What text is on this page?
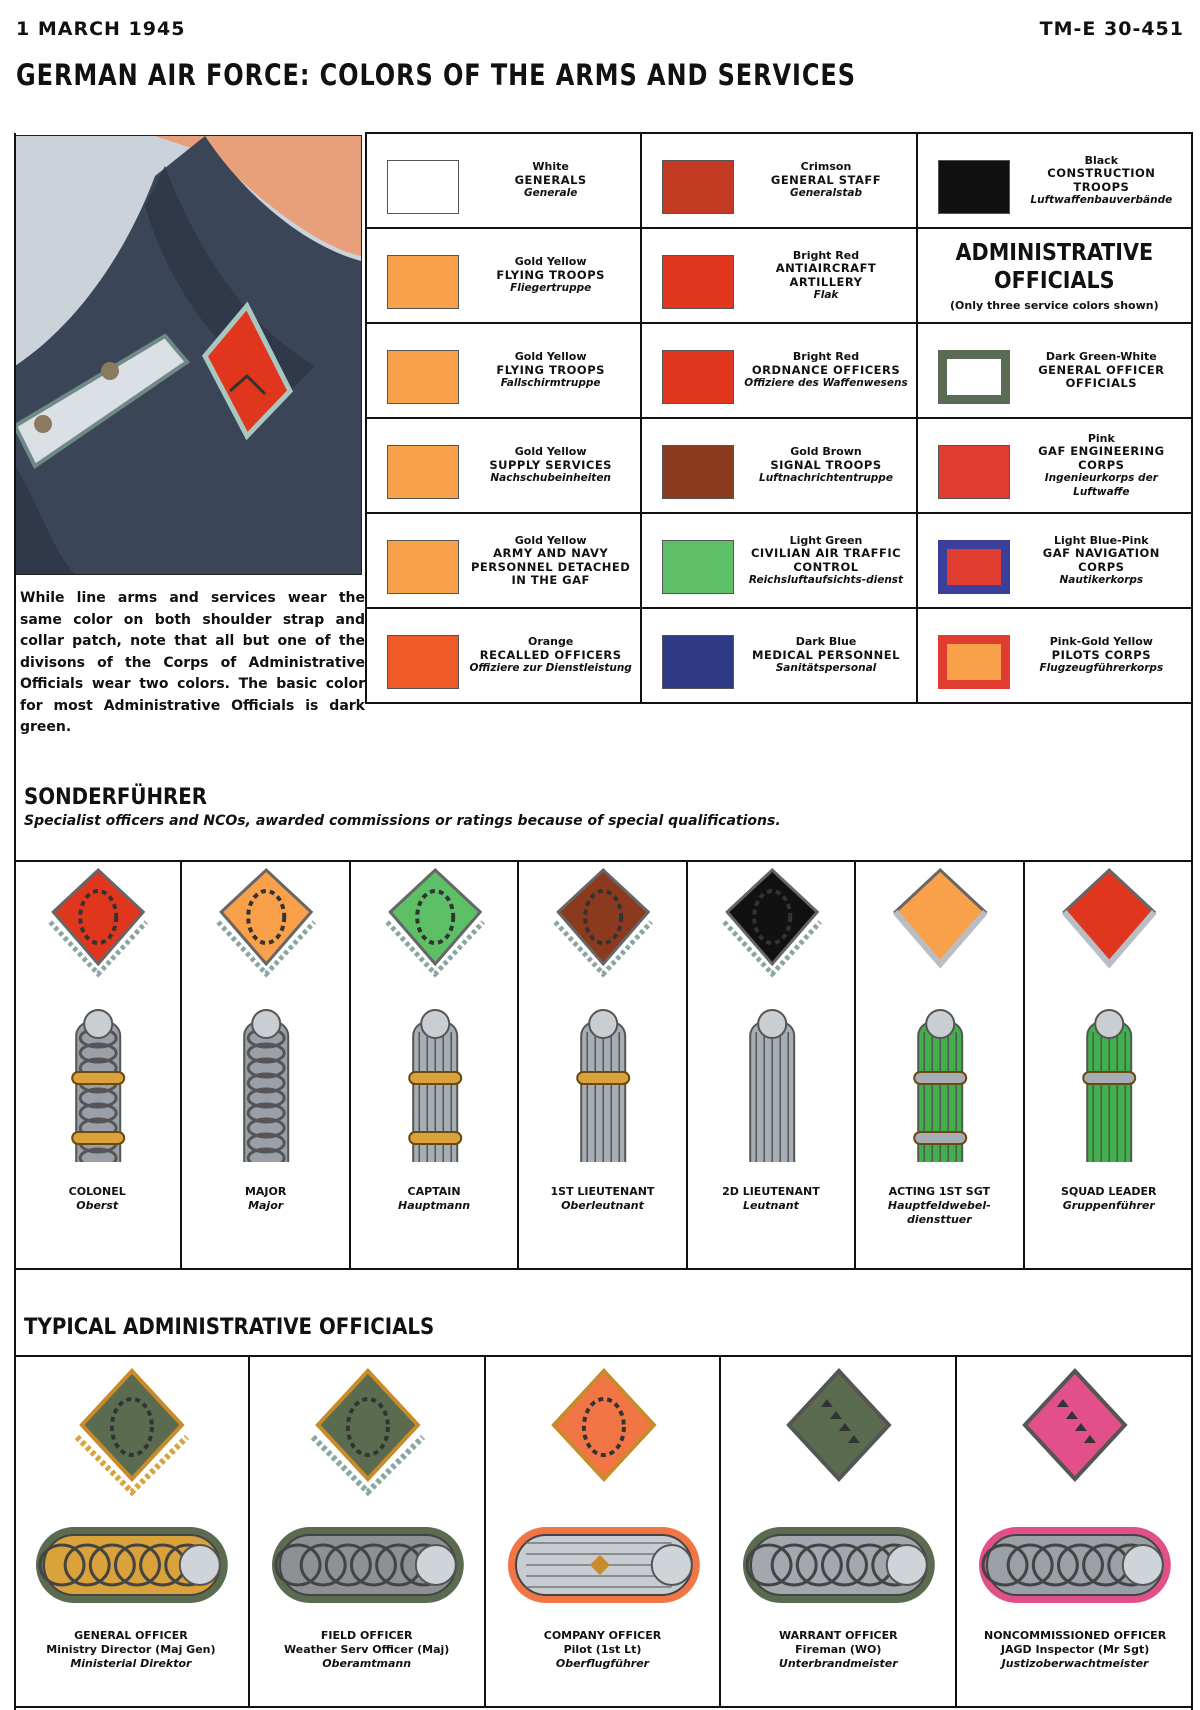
1 MARCH 1945	TM-E 30-451
GERMAN AIR FORCE: COLORS OF THE ARMS AND SERVICES
While line arms and services wear the same color on both shoulder strap and collar patch, note that all but one of the divisons of the Corps of Administrative Officials wear two colors. The basic color for most Administrative Officials is dark green.
White
GENERALS
Generale
Crimson
GENERAL STAFF
Generalstab
Black
CONSTRUCTION TROOPS
Luftwaffenbauverbände
Gold Yellow
FLYING TROOPS
Fliegertruppe
Bright Red
ANTIAIRCRAFT ARTILLERY
Flak
ADMINISTRATIVE OFFICIALS
(Only three service colors shown)
Gold Yellow
FLYING TROOPS
Fallschirmtruppe
Bright Red
ORDNANCE OFFICERS
Offiziere des Waffenwesens
Dark Green-White
GENERAL OFFICER OFFICIALS
Gold Yellow
SUPPLY SERVICES
Nachschubeinheiten
Gold Brown
SIGNAL TROOPS
Luftnachrichtentruppe
Pink
GAF ENGINEERING CORPS
Ingenieurkorps der Luftwaffe
Gold Yellow
ARMY AND NAVY PERSONNEL DETACHED IN THE GAF
Light Green
CIVILIAN AIR TRAFFIC CONTROL
Reichsluftaufsichts-dienst
Light Blue-Pink
GAF NAVIGATION CORPS
Nautikerkorps
Orange
RECALLED OFFICERS
Offiziere zur Dienstleistung
Dark Blue
MEDICAL PERSONNEL
Sanitätspersonal
Pink-Gold Yellow
PILOTS CORPS
Flugzeugführerkorps
SONDERFÜHRER
Specialist officers and NCOs, awarded commissions or ratings because of special qualifications.
COLONEL
Oberst
MAJOR
Major
CAPTAIN
Hauptmann
1ST LIEUTENANT
Oberleutnant
2D LIEUTENANT
Leutnant
ACTING 1ST SGT
Hauptfeldwebel-diensttuer
SQUAD LEADER
Gruppenführer
TYPICAL ADMINISTRATIVE OFFICIALS
GENERAL OFFICER
Ministry Director (Maj Gen)
Ministerial Direktor
FIELD OFFICER
Weather Serv Officer (Maj)
Oberamtmann
COMPANY OFFICER
Pilot (1st Lt)
Oberflugführer
WARRANT OFFICER
Fireman (WO)
Unterbrandmeister
NONCOMMISSIONED OFFICER
JAGD Inspector (Mr Sgt)
Justizoberwachtmeister
